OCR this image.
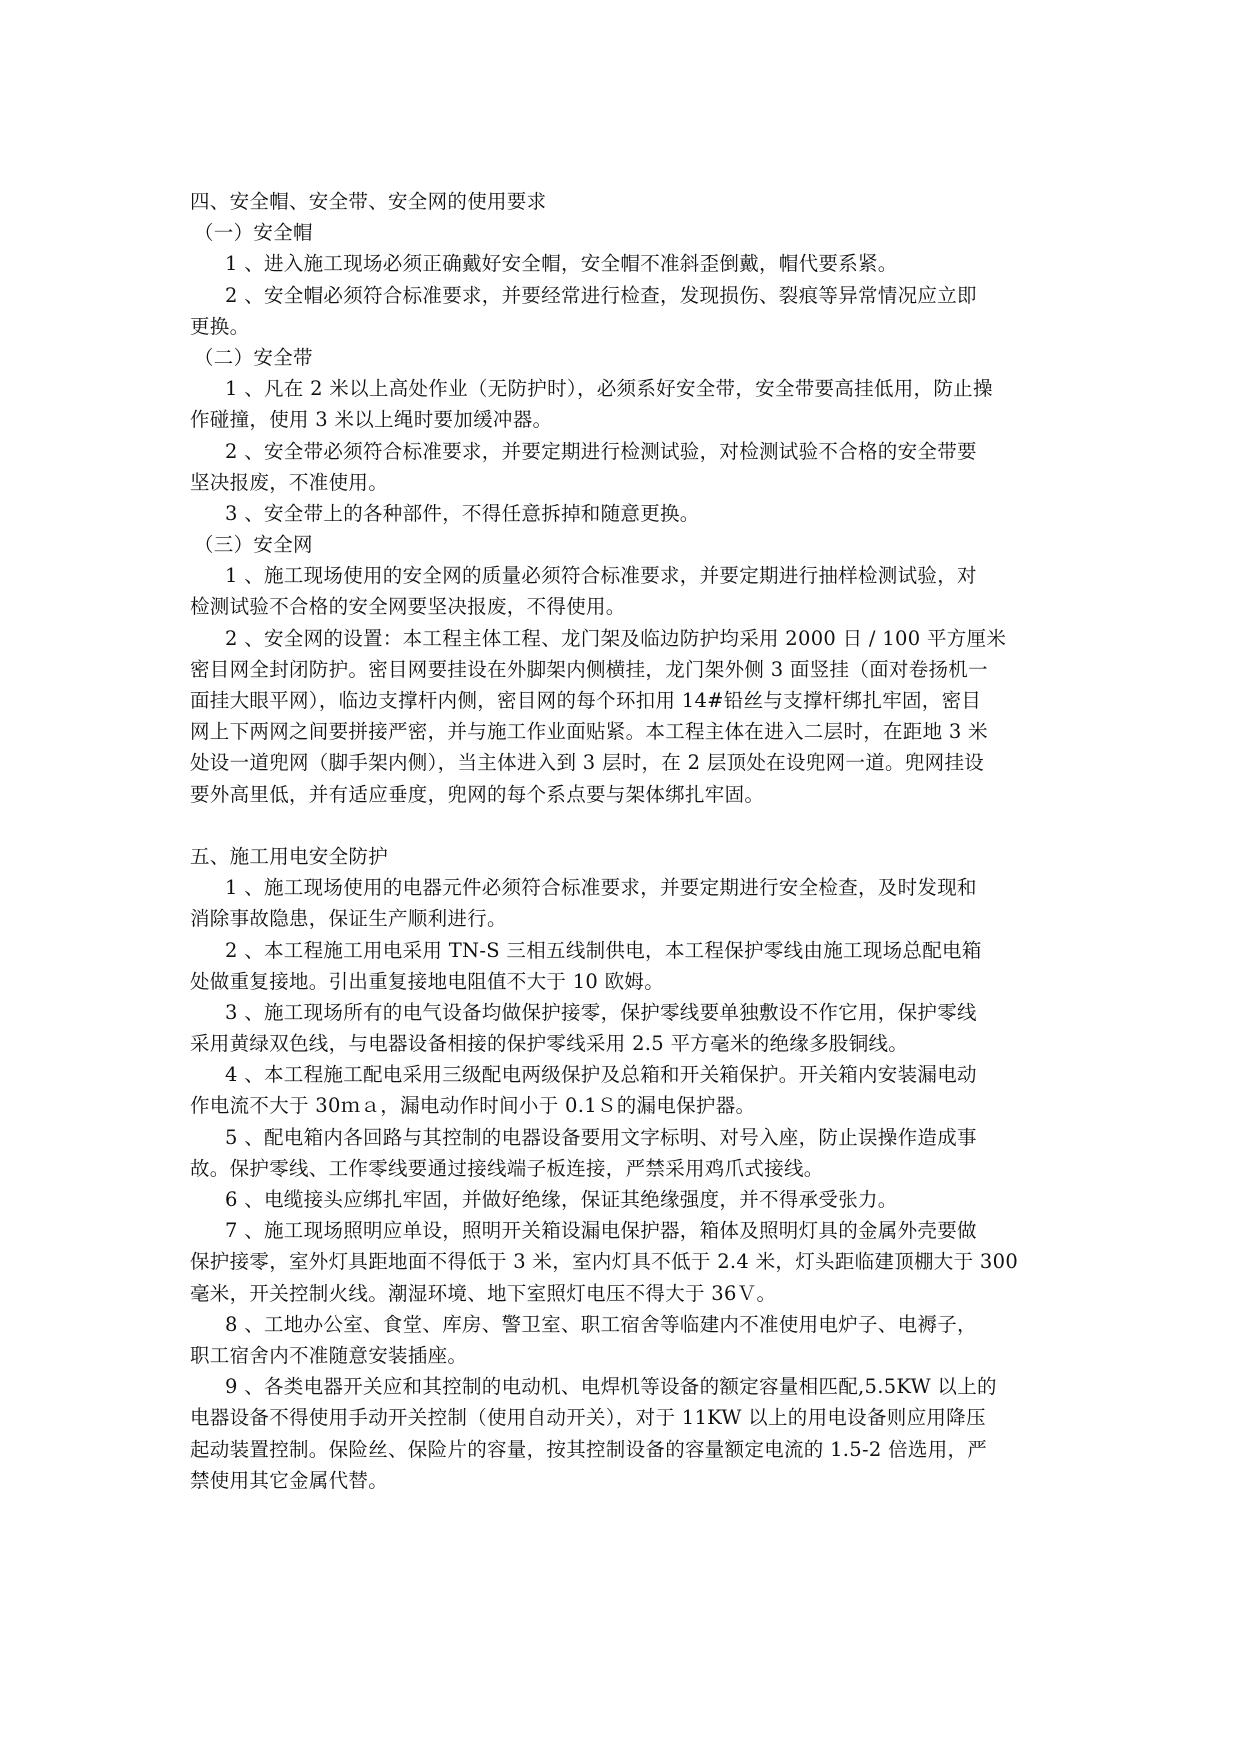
四、安全帽、安全带、安全网的使用要求
（一）安全帽
1 、进入施工现场必须正确戴好安全帽，安全帽不准斜歪倒戴，帽代要系紧。
2 、安全帽必须符合标准要求，并要经常进行检查，发现损伤、裂痕等异常情况应立即
更换。
（二）安全带
1 、凡在 2 米以上高处作业（无防护时），必须系好安全带，安全带要高挂低用，防止操
作碰撞，使用 3 米以上绳时要加缓冲器。
2 、安全带必须符合标准要求，并要定期进行检测试验，对检测试验不合格的安全带要
坚决报废，不准使用。
3 、安全带上的各种部件，不得任意拆掉和随意更换。
（三）安全网
1 、施工现场使用的安全网的质量必须符合标准要求，并要定期进行抽样检测试验，对
检测试验不合格的安全网要坚决报废，不得使用。
2 、安全网的设置：本工程主体工程、龙门架及临边防护均采用 2000 日 / 100 平方厘米
密目网全封闭防护。密目网要挂设在外脚架内侧横挂，龙门架外侧 3 面竖挂（面对卷扬机一
面挂大眼平网），临边支撑杆内侧，密目网的每个环扣用 14#铅丝与支撑杆绑扎牢固，密目
网上下两网之间要拼接严密，并与施工作业面贴紧。本工程主体在进入二层时，在距地 3 米
处设一道兜网（脚手架内侧），当主体进入到 3 层时，在 2 层顶处在设兜网一道。兜网挂设
要外高里低，并有适应垂度，兜网的每个系点要与架体绑扎牢固。
五、施工用电安全防护
1 、施工现场使用的电器元件必须符合标准要求，并要定期进行安全检查，及时发现和
消除事故隐患，保证生产顺利进行。
2 、本工程施工用电采用 TN-S 三相五线制供电，本工程保护零线由施工现场总配电箱
处做重复接地。引出重复接地电阻值不大于 10 欧姆。
3 、施工现场所有的电气设备均做保护接零，保护零线要单独敷设不作它用，保护零线
采用黄绿双色线，与电器设备相接的保护零线采用 2.5 平方毫米的绝缘多股铜线。
4 、本工程施工配电采用三级配电两级保护及总箱和开关箱保护。开关箱内安装漏电动
作电流不大于 30ｍａ，漏电动作时间小于 0.1Ｓ的漏电保护器。
5 、配电箱内各回路与其控制的电器设备要用文字标明、对号入座，防止误操作造成事
故。保护零线、工作零线要通过接线端子板连接，严禁采用鸡爪式接线。
6 、电缆接头应绑扎牢固，并做好绝缘，保证其绝缘强度，并不得承受张力。
7 、施工现场照明应单设，照明开关箱设漏电保护器，箱体及照明灯具的金属外壳要做
保护接零，室外灯具距地面不得低于 3 米，室内灯具不低于 2.4 米，灯头距临建顶棚大于 300
毫米，开关控制火线。潮湿环境、地下室照灯电压不得大于 36Ｖ。
8 、工地办公室、食堂、库房、警卫室、职工宿舍等临建内不准使用电炉子、电褥子，
职工宿舍内不准随意安装插座。
9 、各类电器开关应和其控制的电动机、电焊机等设备的额定容量相匹配,5.5KW 以上的
电器设备不得使用手动开关控制（使用自动开关），对于 11KW 以上的用电设备则应用降压
起动装置控制。保险丝、保险片的容量，按其控制设备的容量额定电流的 1.5-2 倍选用，严
禁使用其它金属代替。
